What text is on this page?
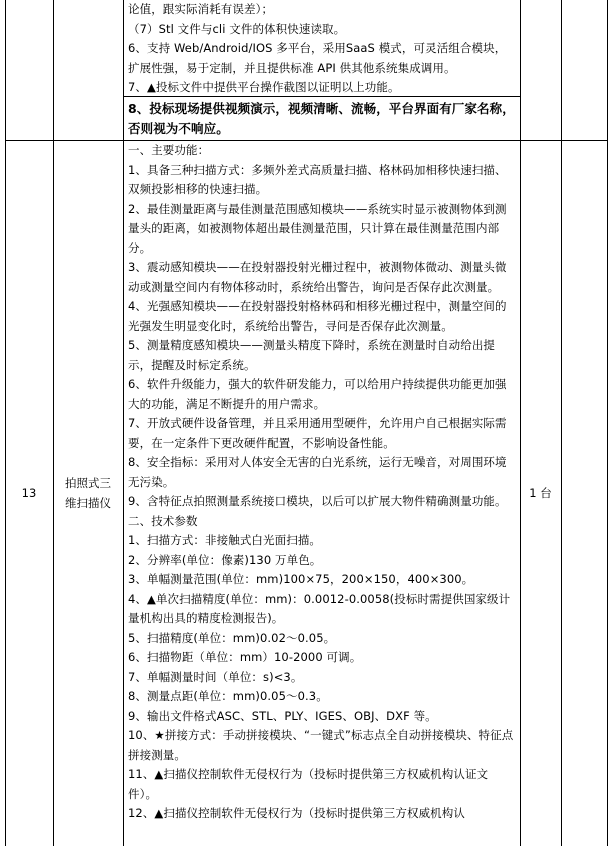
论值，跟实际消耗有误差）；
（7）Stl 文件与cli 文件的体积快速读取。
6、支持 Web/Android/IOS 多平台，采用SaaS 模式，可灵活组合模块，扩展性强，易于定制，并且提供标准 API 供其他系统集成调用。
7、▲投标文件中提供平台操作截图以证明以上功能。
8、投标现场提供视频演示，视频清晰、流畅，平台界面有厂家名称，否则视为不响应。
13
拍照式三维扫描仪
1 台
一、主要功能：
1、具备三种扫描方式：多频外差式高质量扫描、格林码加相移快速扫描、双频投影相移的快速扫描。
2、最佳测量距离与最佳测量范围感知模块——系统实时显示被测物体到测量头的距离，如被测物体超出最佳测量范围，只计算在最佳测量范围内部分。
3、震动感知模块——在投射器投射光栅过程中，被测物体微动、测量头微动或测量空间内有物体移动时，系统给出警告，询问是否保存此次测量。
4、光强感知模块——在投射器投射格林码和相移光栅过程中，测量空间的光强发生明显变化时，系统给出警告，寻问是否保存此次测量。
5、测量精度感知模块——测量头精度下降时，系统在测量时自动给出提示，提醒及时标定系统。
6、软件升级能力，强大的软件研发能力，可以给用户持续提供功能更加强大的功能，满足不断提升的用户需求。
7、开放式硬件设备管理，并且采用通用型硬件，允许用户自己根据实际需要，在一定条件下更改硬件配置，不影响设备性能。
8、安全指标：采用对人体安全无害的白光系统，运行无噪音，对周围环境无污染。
9、含特征点拍照测量系统接口模块，以后可以扩展大物件精确测量功能。
二、技术参数
1、扫描方式：非接触式白光面扫描。
2、分辨率(单位：像素)130 万单色。
3、单幅测量范围(单位：mm)100×75，200×150，400×300。
4、▲单次扫描精度(单位：mm)：0.0012-0.0058(投标时需提供国家级计量机构出具的精度检测报告)。
5、扫描精度(单位：mm)0.02～0.05。
6、扫描物距（单位：mm）10-2000 可调。
7、单幅测量时间（单位：s)<3。
8、测量点距(单位：mm)0.05～0.3。
9、输出文件格式ASC、STL、PLY、IGES、OBJ、DXF 等。
10、★拼接方式：手动拼接模块、“一键式”标志点全自动拼接模块、特征点拼接测量。
11、▲扫描仪控制软件无侵权行为（投标时提供第三方权威机构认证文件）。
12、▲扫描仪控制软件无侵权行为（投标时提供第三方权威机构认
